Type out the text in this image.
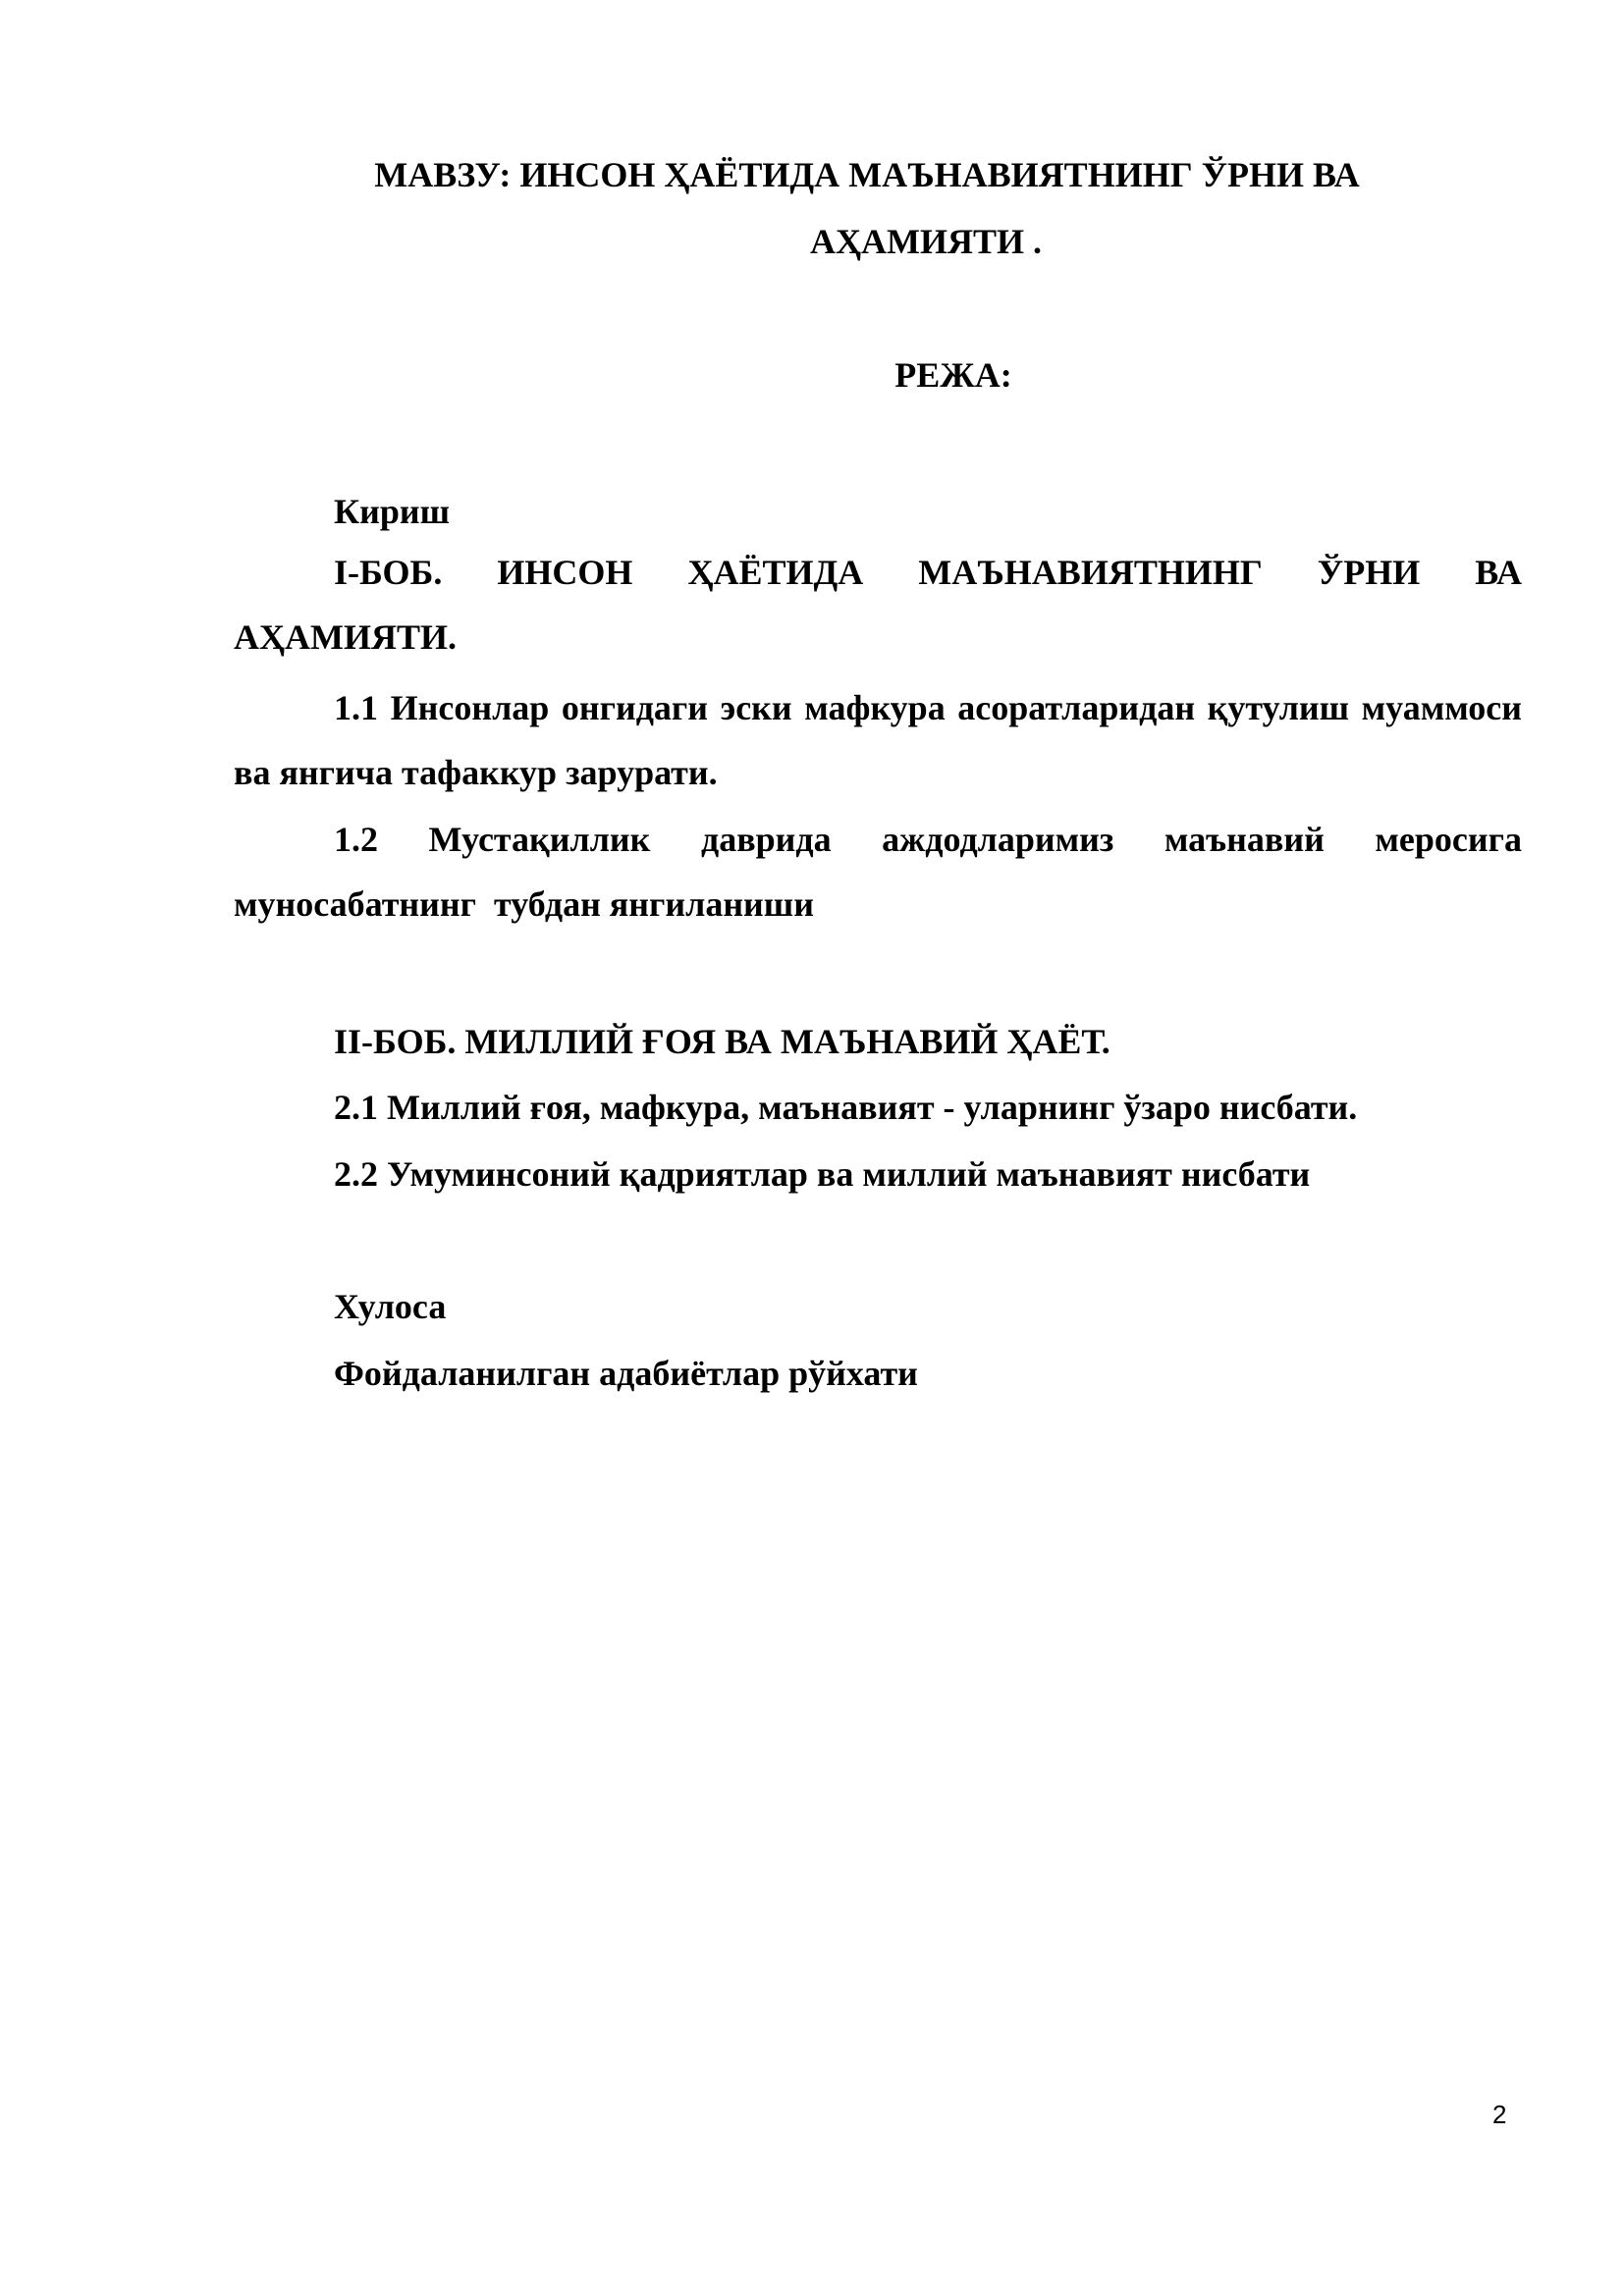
МАВЗУ: ИНСОН ҲАЁТИДА МАЪНАВИЯТНИНГ ЎРНИ ВА
АҲАМИЯТИ .
РЕЖА:
Кириш
I-БОБ. ИНСОН ҲАЁТИДА МАЪНАВИЯТНИНГ ЎРНИ ВА АҲАМИЯТИ.
1.1 Инсонлар онгидаги эски мафкура асоратларидан қутулиш муаммоси ва янгича тафаккур зарурати.
1.2 Мустақиллик даврида аждодларимиз маънавий меросига муносабатнинг тубдан янгиланиши
II-БОБ. МИЛЛИЙ ҒОЯ ВА МАЪНАВИЙ ҲАЁТ.
2.1 Миллий ғоя, мафкура, маънавият - уларнинг ўзаро нисбати.
2.2 Умуминсоний қадриятлар ва миллий маънавият нисбати
Хулоса
Фойдаланилган адабиётлар рўйхати
2
